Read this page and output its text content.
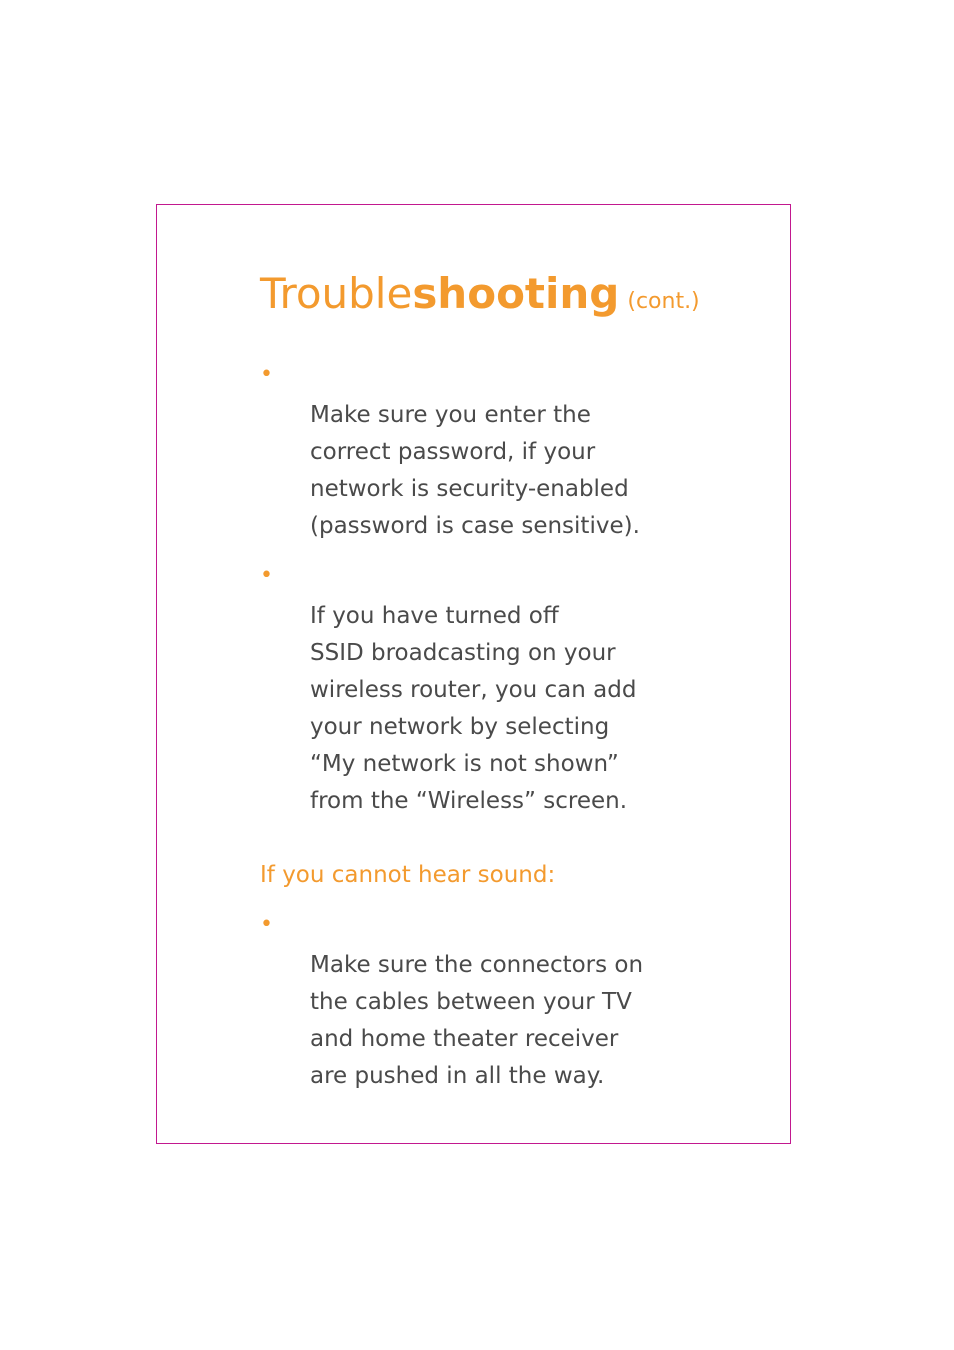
Troubleshooting (cont.)

•
Make sure you enter the
correct password, if your
network is security-enabled
(password is case sensitive).

•
If you have turned off
SSID broadcasting on your
wireless router, you can add
your network by selecting
“My network is not shown”
from the “Wireless” screen.

If you cannot hear sound:

•
Make sure the connectors on
the cables between your TV
and home theater receiver
are pushed in all the way.
